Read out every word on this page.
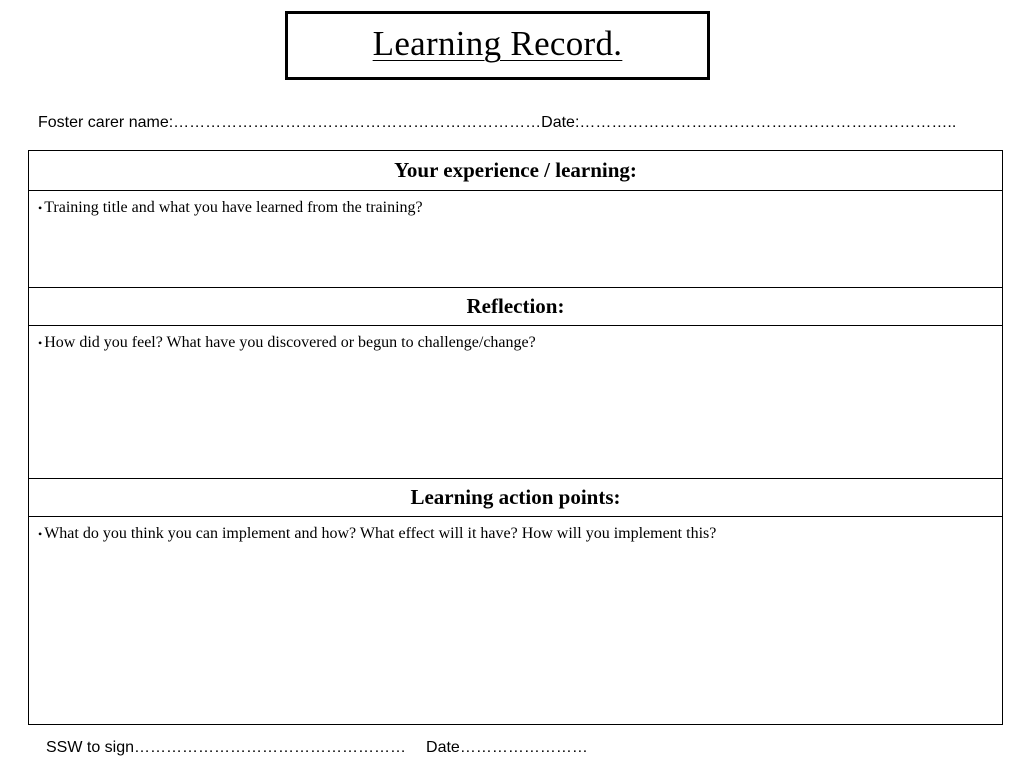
Learning Record.
Foster carer name:……………………………………………………………Date:……………………………………………………………..
Your experience / learning:
• Training title and what you have learned from the training?
Reflection:
• How did you feel? What have you discovered or begun to challenge/change?
Learning action points:
• What do you think you can implement and how? What effect will it have? How will you implement this?
SSW to sign…………………………………………… Date……………………
